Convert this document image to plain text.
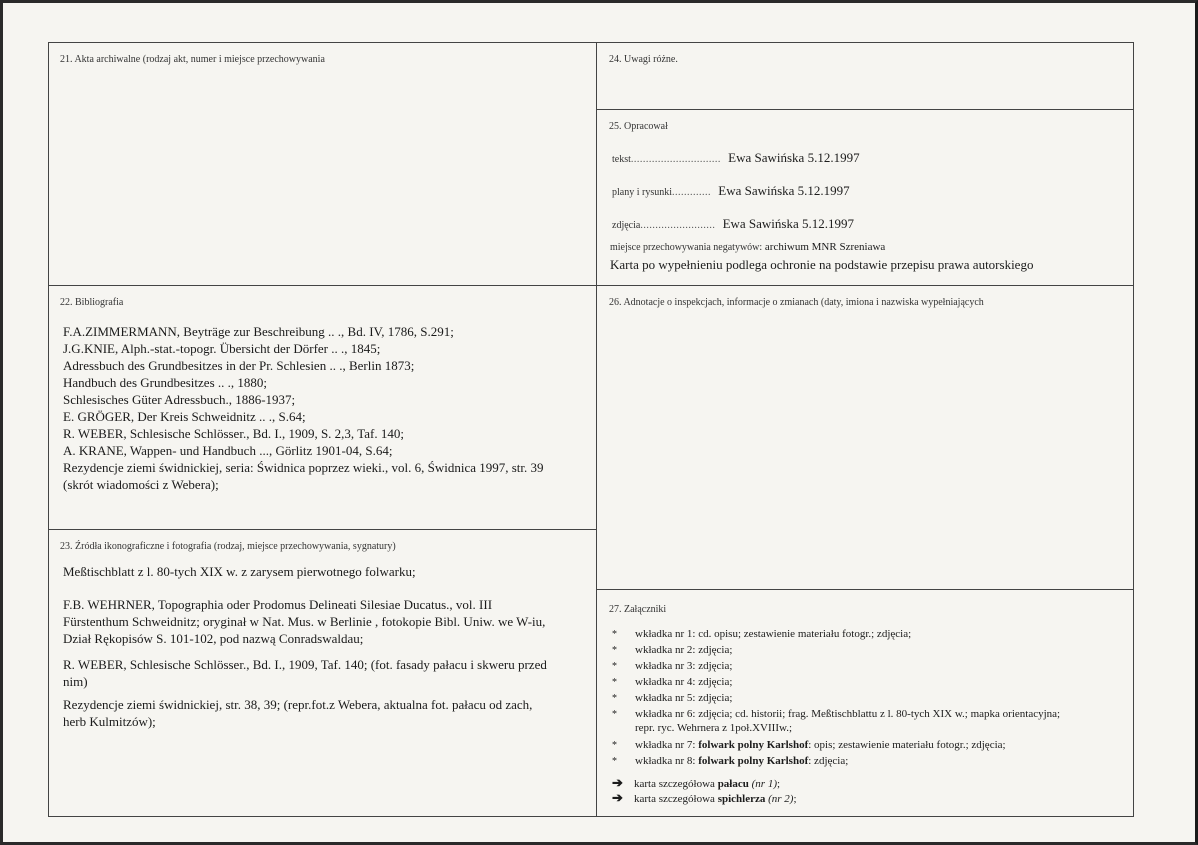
21. Akta archiwalne (rodzaj akt, numer i miejsce przechowywania	24. Uwagi różne.
25. Opracował
tekst.............................. Ewa Sawińska 5.12.1997
plany i rysunki............. Ewa Sawińska 5.12.1997
zdjęcia......................... Ewa Sawińska 5.12.1997
miejsce przechowywania negatywów: archiwum MNR Szreniawa
Karta po wypełnieniu podlega ochronie na podstawie przepisu prawa autorskiego
22. Bibliografia
F.A.ZIMMERMANN, Beyträge zur Beschreibung .. ., Bd. IV, 1786, S.291;
J.G.KNIE, Alph.-stat.-topogr. Übersicht der Dörfer .. ., 1845;
Adressbuch des Grundbesitzes in der Pr. Schlesien .. ., Berlin 1873;
Handbuch des Grundbesitzes .. ., 1880;
Schlesisches Güter Adressbuch., 1886-1937;
E. GRÖGER, Der Kreis Schweidnitz .. ., S.64;
R. WEBER, Schlesische Schlösser., Bd. I., 1909, S. 2,3, Taf. 140;
A. KRANE, Wappen- und Handbuch ..., Görlitz 1901-04, S.64;
Rezydencje ziemi świdnickiej, seria: Świdnica poprzez wieki., vol. 6, Świdnica 1997, str. 39
(skrót wiadomości z Webera);
23. Źródła ikonograficzne i fotografia (rodzaj, miejsce przechowywania, sygnatury)
Meßtischblatt z l. 80-tych XIX w. z zarysem pierwotnego folwarku;
F.B. WEHRNER, Topographia oder Prodomus Delineati Silesiae Ducatus., vol. III
Fürstenthum Schweidnitz; oryginał w Nat. Mus. w Berlinie , fotokopie Bibl. Uniw. we W-iu,
Dział Rękopisów S. 101-102, pod nazwą Conradswaldau;
R. WEBER, Schlesische Schlösser., Bd. I., 1909, Taf. 140; (fot. fasady pałacu i skweru przed
nim)
Rezydencje ziemi świdnickiej, str. 38, 39; (repr.fot.z Webera, aktualna fot. pałacu od zach,
herb Kulmitzów);
26. Adnotacje o inspekcjach, informacje o zmianach (daty, imiona i nazwiska wypełniających
27. Załączniki
* wkładka nr 1: cd. opisu; zestawienie materiału fotogr.; zdjęcia;
* wkładka nr 2: zdjęcia;
* wkładka nr 3: zdjęcia;
* wkładka nr 4: zdjęcia;
* wkładka nr 5: zdjęcia;
* wkładka nr 6: zdjęcia; cd. historii; frag. Meßtischblattu z l. 80-tych XIX w.; mapka orientacyjna;
repr. ryc. Wehrnera z 1poł.XVIIIw.;
* wkładka nr 7: folwark polny Karlshof: opis; zestawienie materiału fotogr.; zdjęcia;
* wkładka nr 8: folwark polny Karlshof: zdjęcia;
➔ karta szczegółowa pałacu (nr 1);
➔ karta szczegółowa spichlerza (nr 2);
